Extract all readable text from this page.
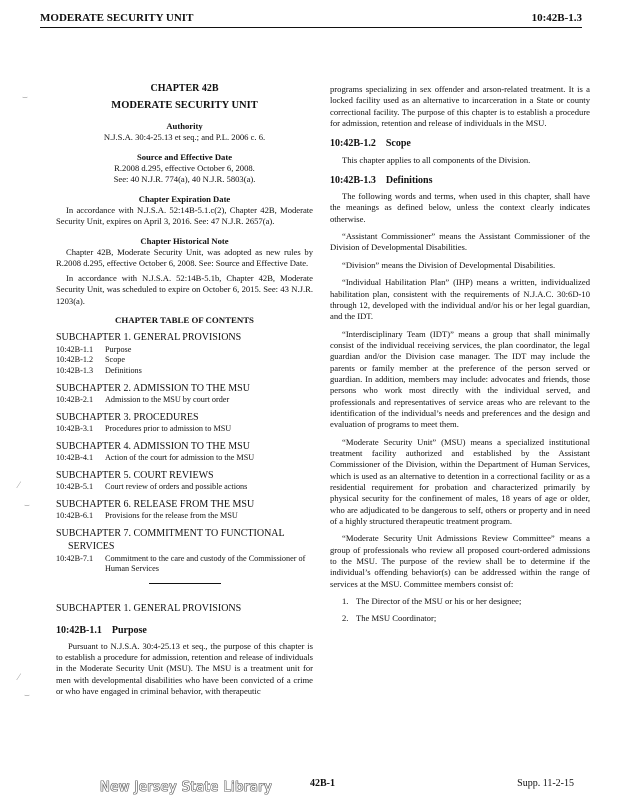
MODERATE SECURITY UNIT	10:42B-1.3
⌣
⁄
⌣
⁄
⌣

CHAPTER 42B

MODERATE SECURITY UNIT

Authority

N.J.S.A. 30:4-25.13 et seq.; and P.L. 2006 c. 6.

Source and Effective Date

R.2008 d.295, effective October 6, 2008.

See: 40 N.J.R. 774(a), 40 N.J.R. 5803(a).

Chapter Expiration Date

In accordance with N.J.S.A. 52:14B-5.1.c(2), Chapter 42B, Moderate Security Unit, expires on April 3, 2016. See: 47 N.J.R. 2657(a).

Chapter Historical Note

Chapter 42B, Moderate Security Unit, was adopted as new rules by R.2008 d.295, effective October 6, 2008. See: Source and Effective Date.

In accordance with N.J.S.A. 52:14B-5.1b, Chapter 42B, Moderate Security Unit, was scheduled to expire on October 6, 2015. See: 43 N.J.R. 1203(a).

CHAPTER TABLE OF CONTENTS

SUBCHAPTER 1. GENERAL PROVISIONS

10:42B-1.1	Purpose
10:42B-1.2	Scope
10:42B-1.3	Definitions

SUBCHAPTER 2. ADMISSION TO THE MSU

10:42B-2.1	Admission to the MSU by court order

SUBCHAPTER 3. PROCEDURES

10:42B-3.1	Procedures prior to admission to MSU

SUBCHAPTER 4. ADMISSION TO THE MSU

10:42B-4.1	Action of the court for admission to the MSU

SUBCHAPTER 5. COURT REVIEWS

10:42B-5.1	Court review of orders and possible actions

SUBCHAPTER 6. RELEASE FROM THE MSU

10:42B-6.1	Provisions for the release from the MSU

SUBCHAPTER 7. COMMITMENT TO FUNCTIONAL

SERVICES

10:42B-7.1	Commitment to the care and custody of the Commissioner of Human Services

SUBCHAPTER 1. GENERAL PROVISIONS

10:42B-1.1 Purpose

Pursuant to N.J.S.A. 30:4-25.13 et seq., the purpose of this chapter is to establish a procedure for admission, retention and release of individuals in the Moderate Security Unit (MSU). The MSU is a treatment unit for men with developmental disabilities who have been convicted of a crime or who have engaged in criminal behavior, with therapeutic

programs specializing in sex offender and arson-related treatment. It is a locked facility used as an alternative to incarceration in a State or county correctional facility. The purpose of this chapter is to establish a procedure for admission, retention and release of individuals in the MSU.

10:42B-1.2 Scope

This chapter applies to all components of the Division.

10:42B-1.3 Definitions

The following words and terms, when used in this chapter, shall have the meanings as defined below, unless the context clearly indicates otherwise.

“Assistant Commissioner” means the Assistant Commissioner of the Division of Developmental Disabilities.

“Division” means the Division of Developmental Disabilities.

“Individual Habilitation Plan” (IHP) means a written, individualized habilitation plan, consistent with the requirements of N.J.A.C. 30:6D-10 through 12, developed with the individual and/or his or her legal guardian, and the IDT.

“Interdisciplinary Team (IDT)” means a group that shall minimally consist of the individual receiving services, the plan coordinator, the legal guardian and/or the Division case manager. The IDT may include the parents or family member at the preference of the person served or guardian. In addition, members may include: advocates and friends, those persons who work most directly with the individual served, and professionals and representatives of service areas who are relevant to the identification of the individual’s needs and preferences and the design and evaluation of programs to meet them.

“Moderate Security Unit” (MSU) means a specialized institutional treatment facility authorized and established by the Assistant Commissioner of the Division, within the Department of Human Services, which is used as an alternative to detention in a correctional facility or as a residential requirement for probation and characterized primarily by physical security for the confinement of males, 18 years of age or older, who are adjudicated to be dangerous to self, others or property and in need of a highly structured therapeutic treatment program.

“Moderate Security Unit Admissions Review Committee” means a group of professionals who review all proposed court-ordered admissions to the MSU. The purpose of the review shall be to determine if the individual’s offending behavior(s) can be addressed within the range of services at the MSU. Committee members consist of:

1. The Director of the MSU or his or her designee;
2. The MSU Coordinator;
New Jersey State Library	42B-1	Supp. 11-2-15
